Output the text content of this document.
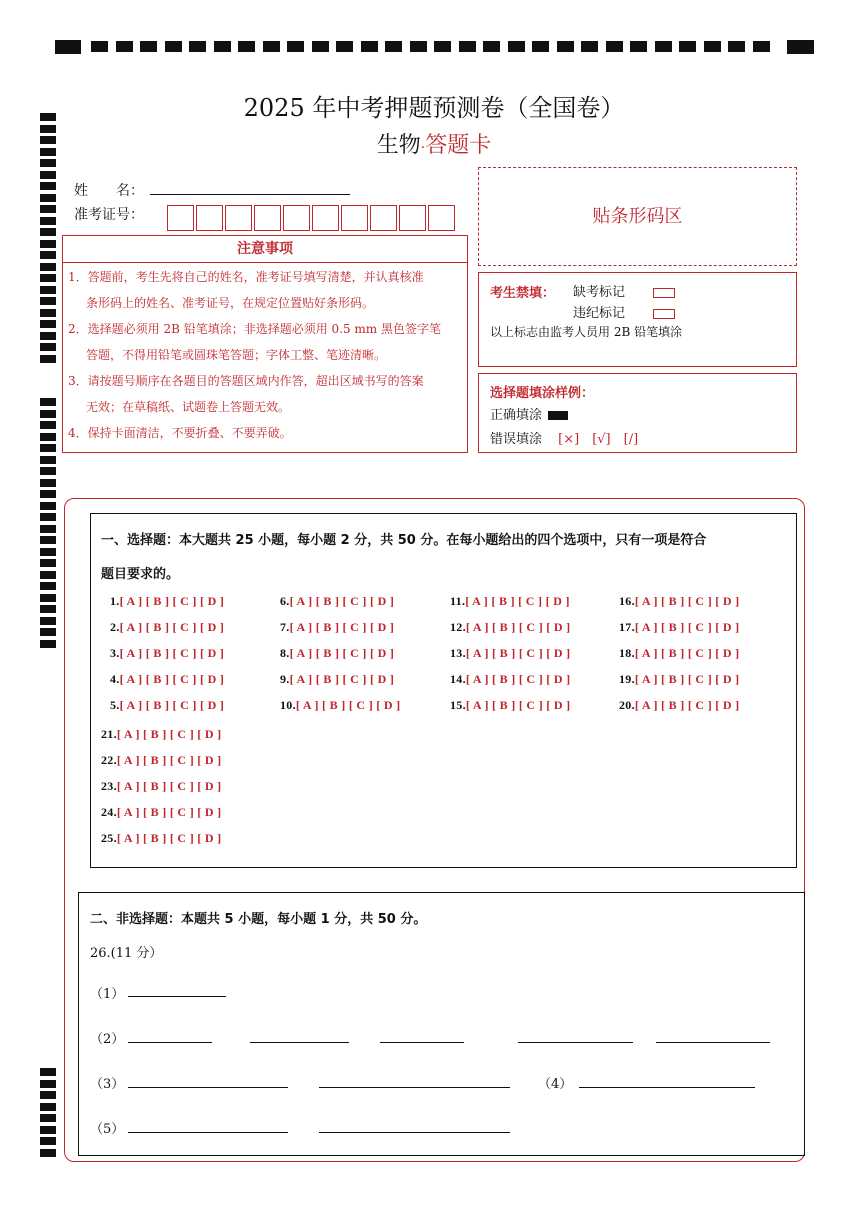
2025 年中考押题预测卷（全国卷）
生物·答题卡
姓　　名：
准考证号：	贴条形码区
注意事项
1．答题前，考生先将自己的姓名，准考证号填写清楚，并认真核准
条形码上的姓名、准考证号，在规定位置贴好条形码。
2．选择题必须用 2B 铅笔填涂；非选择题必须用 0.5 mm 黑色签字笔
答题，不得用铅笔或圆珠笔答题；字体工整、笔迹清晰。
3．请按题号顺序在各题目的答题区域内作答，超出区域书写的答案
无效；在草稿纸、试题卷上答题无效。
4．保持卡面清洁，不要折叠、不要弄破。
考生禁填： 缺考标记
违纪标记
以上标志由监考人员用 2B 铅笔填涂
选择题填涂样例：
正确填涂
错误填涂 [×]　[√]　[/]
一、选择题：本大题共 25 小题，每小题 2 分，共 50 分。在每小题给出的四个选项中，只有一项是符合
题目要求的。
1.[ A ] [ B ] [ C ] [ D ]
2.[ A ] [ B ] [ C ] [ D ]
3.[ A ] [ B ] [ C ] [ D ]
4.[ A ] [ B ] [ C ] [ D ]
5.[ A ] [ B ] [ C ] [ D ]
6.[ A ] [ B ] [ C ] [ D ]
7.[ A ] [ B ] [ C ] [ D ]
8.[ A ] [ B ] [ C ] [ D ]
9.[ A ] [ B ] [ C ] [ D ]
10.[ A ] [ B ] [ C ] [ D ]
11.[ A ] [ B ] [ C ] [ D ]
12.[ A ] [ B ] [ C ] [ D ]
13.[ A ] [ B ] [ C ] [ D ]
14.[ A ] [ B ] [ C ] [ D ]
15.[ A ] [ B ] [ C ] [ D ]
16.[ A ] [ B ] [ C ] [ D ]
17.[ A ] [ B ] [ C ] [ D ]
18.[ A ] [ B ] [ C ] [ D ]
19.[ A ] [ B ] [ C ] [ D ]
20.[ A ] [ B ] [ C ] [ D ]
21.[ A ] [ B ] [ C ] [ D ]
22.[ A ] [ B ] [ C ] [ D ]
23.[ A ] [ B ] [ C ] [ D ]
24.[ A ] [ B ] [ C ] [ D ]
25.[ A ] [ B ] [ C ] [ D ]
二、非选择题：本题共 5 小题，每小题 1 分，共 50 分。
26.(11 分）
（1）
（2）
（3）	（4）
（5）
